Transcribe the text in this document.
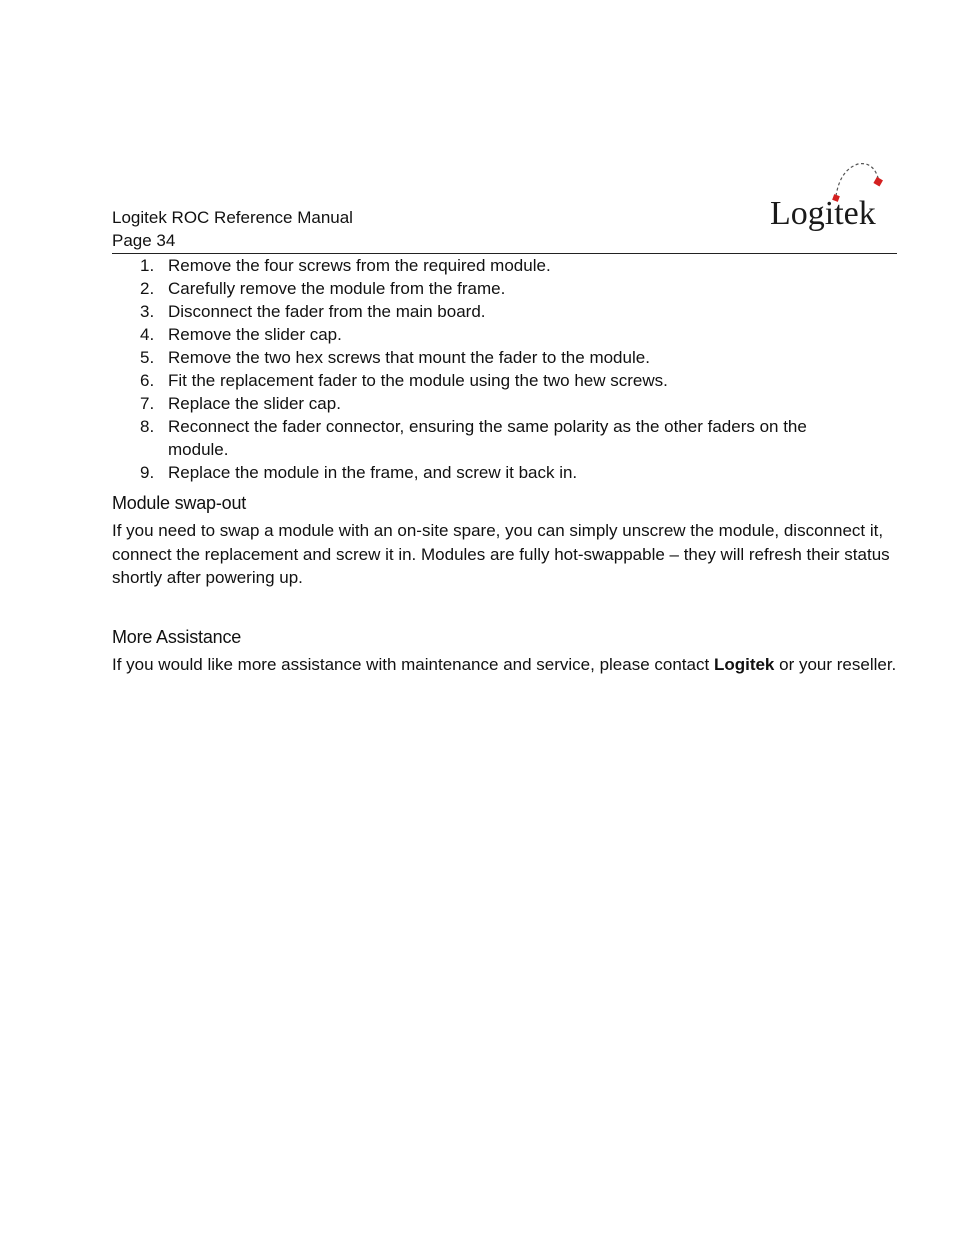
Logitek ROC Reference Manual
Page 34
Logitek
1. Remove the four screws from the required module.
2. Carefully remove the module from the frame.
3. Disconnect the fader from the main board.
4. Remove the slider cap.
5. Remove the two hex screws that mount the fader to the module.
6. Fit the replacement fader to the module using the two hew screws.
7. Replace the slider cap.
8. Reconnect the fader connector, ensuring the same polarity as the other faders on the module.
9. Replace the module in the frame, and screw it back in.
Module swap-out

If you need to swap a module with an on-site spare, you can simply unscrew the module, disconnect it, connect the replacement and screw it in. Modules are fully hot-swappable – they will refresh their status shortly after powering up.

More Assistance

If you would like more assistance with maintenance and service, please contact Logitek or your reseller.
